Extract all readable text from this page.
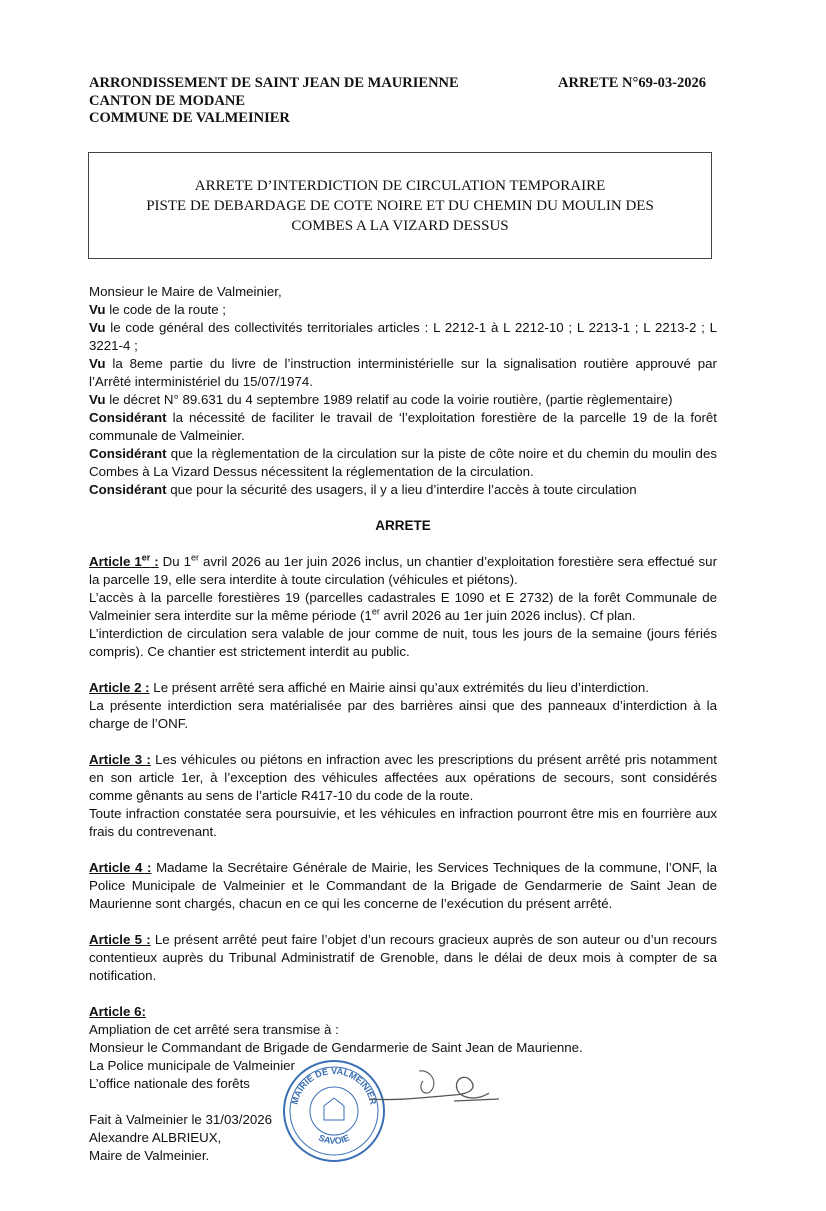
ARRONDISSEMENT DE SAINT JEAN DE MAURIENNE
CANTON DE MODANE
COMMUNE DE VALMEINIER
ARRETE N°69-03-2026
ARRETE D’INTERDICTION DE CIRCULATION TEMPORAIRE
PISTE DE DEBARDAGE DE COTE NOIRE ET DU CHEMIN DU MOULIN DES
COMBES A LA VIZARD DESSUS

Monsieur le Maire de Valmeinier,

Vu le code de la route ;

Vu le code général des collectivités territoriales articles : L 2212-1 à L 2212-10 ; L 2213-1 ; L 2213-2 ; L 3221-4 ;

Vu la 8eme partie du livre de l’instruction interministérielle sur la signalisation routière approuvé par l’Arrêté interministériel du 15/07/1974.

Vu le décret N° 89.631 du 4 septembre 1989 relatif au code la voirie routière, (partie règlementaire)

Considérant la nécessité de faciliter le travail de ‘l’exploitation forestière de la parcelle 19 de la forêt communale de Valmeinier.

Considérant que la règlementation de la circulation sur la piste de côte noire et du chemin du moulin des Combes à La Vizard Dessus nécessitent la réglementation de la circulation.

Considérant que pour la sécurité des usagers, il y a lieu d’interdire l’accès à toute circulation

ARRETE

Article 1er : Du 1er avril 2026 au 1er juin 2026 inclus, un chantier d’exploitation forestière sera effectué sur la parcelle 19, elle sera interdite à toute circulation (véhicules et piétons).

L’accès à la parcelle forestières 19 (parcelles cadastrales E 1090 et E 2732) de la forêt Communale de Valmeinier sera interdite sur la même période (1er avril 2026 au 1er juin 2026 inclus). Cf plan.

L’interdiction de circulation sera valable de jour comme de nuit, tous les jours de la semaine (jours fériés compris). Ce chantier est strictement interdit au public.

Article 2 : Le présent arrêté sera affiché en Mairie ainsi qu’aux extrémités du lieu d’interdiction.

La présente interdiction sera matérialisée par des barrières ainsi que des panneaux d’interdiction à la charge de l’ONF.

Article 3 : Les véhicules ou piétons en infraction avec les prescriptions du présent arrêté pris notamment en son article 1er, à l’exception des véhicules affectées aux opérations de secours, sont considérés comme gênants au sens de l’article R417-10 du code de la route.

Toute infraction constatée sera poursuivie, et les véhicules en infraction pourront être mis en fourrière aux frais du contrevenant.

Article 4 : Madame la Secrétaire Générale de Mairie, les Services Techniques de la commune, l’ONF, la Police Municipale de Valmeinier et le Commandant de la Brigade de Gendarmerie de Saint Jean de Maurienne sont chargés, chacun en ce qui les concerne de l’exécution du présent arrêté.

Article 5 : Le présent arrêté peut faire l’objet d’un recours gracieux auprès de son auteur ou d’un recours contentieux auprès du Tribunal Administratif de Grenoble, dans le délai de deux mois à compter de sa notification.

Article 6:

Ampliation de cet arrêté sera transmise à :

Monsieur le Commandant de Brigade de Gendarmerie de Saint Jean de Maurienne.

La Police municipale de Valmeinier

L’office nationale des forêts

Fait à Valmeinier le 31/03/2026

Alexandre ALBRIEUX,

Maire de Valmeinier.

MAIRIE DE VALMEINIER
SAVOIE
